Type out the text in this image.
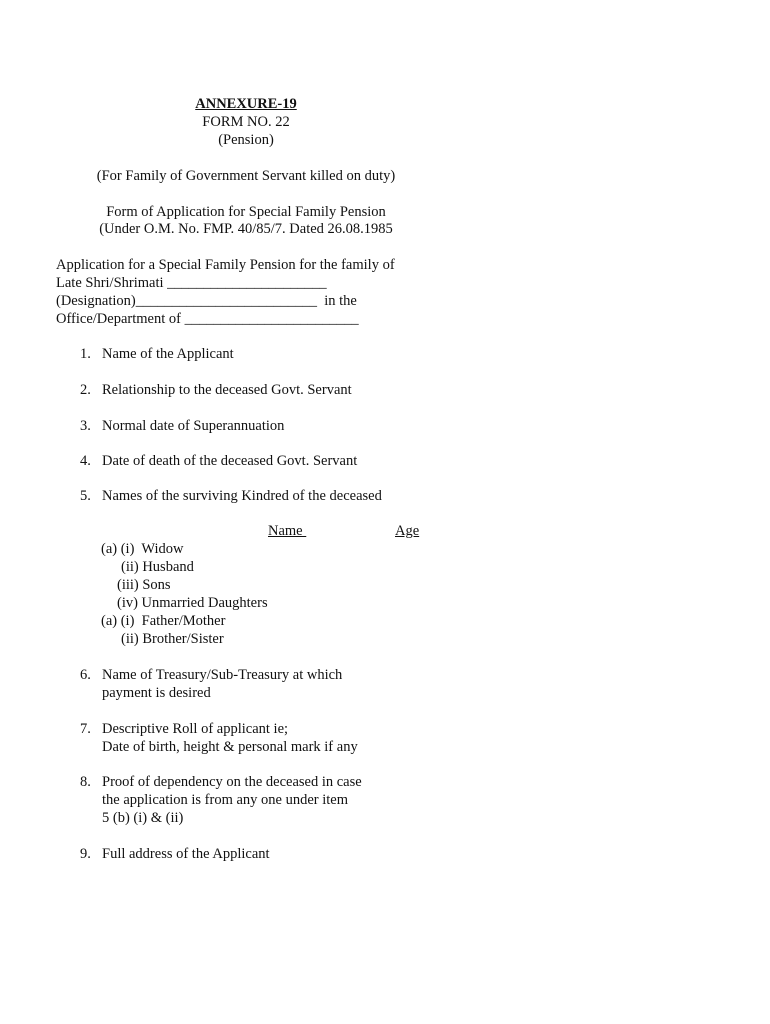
ANNEXURE-19
FORM NO. 22
(Pension)
(For Family of Government Servant killed on duty)
Form of Application for Special Family Pension
(Under O.M. No. FMP. 40/85/7. Dated 26.08.1985
Application for a Special Family Pension for the family of
Late Shri/Shrimati ______________________
(Designation)_________________________  in the
Office/Department of ________________________
1. Name of the Applicant
2. Relationship to the deceased Govt. Servant
3. Normal date of Superannuation
4. Date of death of the deceased Govt. Servant
5. Names of the surviving Kindred of the deceased
Name	Age
(a) (i)  Widow
(ii) Husband
(iii) Sons
(iv) Unmarried Daughters
(a) (i)  Father/Mother
(ii) Brother/Sister
6. Name of Treasury/Sub-Treasury at which
payment is desired
7. Descriptive Roll of applicant ie;
Date of birth, height & personal mark if any
8. Proof of dependency on the deceased in case
the application is from any one under item
5 (b) (i) & (ii)
9. Full address of the Applicant
